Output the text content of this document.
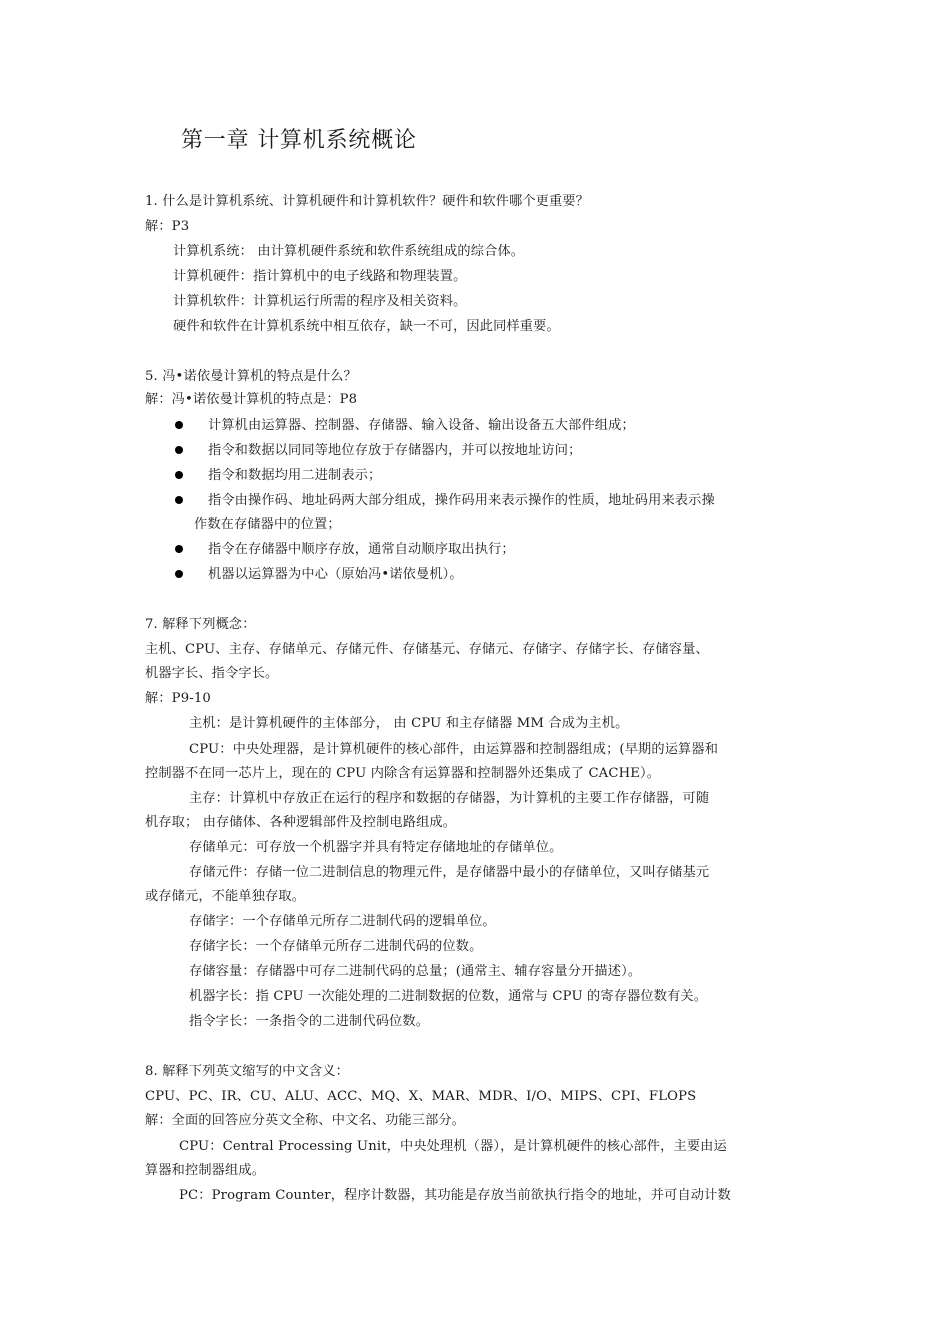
第一章 计算机系统概论
1. 什么是计算机系统、计算机硬件和计算机软件？硬件和软件哪个更重要？
解：P3
计算机系统： 由计算机硬件系统和软件系统组成的综合体。
计算机硬件：指计算机中的电子线路和物理装置。
计算机软件：计算机运行所需的程序及相关资料。
硬件和软件在计算机系统中相互依存，缺一不可，因此同样重要。
5. 冯•诺依曼计算机的特点是什么？
解：冯•诺依曼计算机的特点是：P8
计算机由运算器、控制器、存储器、输入设备、输出设备五大部件组成；
指令和数据以同同等地位存放于存储器内，并可以按地址访问；
指令和数据均用二进制表示；
指令由操作码、地址码两大部分组成，操作码用来表示操作的性质，地址码用来表示操
作数在存储器中的位置；
指令在存储器中顺序存放，通常自动顺序取出执行；
机器以运算器为中心（原始冯•诺依曼机）。
7. 解释下列概念：
主机、CPU、主存、存储单元、存储元件、存储基元、存储元、存储字、存储字长、存储容量、
机器字长、指令字长。
解：P9-10
主机：是计算机硬件的主体部分， 由 CPU 和主存储器 MM 合成为主机。
CPU：中央处理器，是计算机硬件的核心部件，由运算器和控制器组成；(早期的运算器和
控制器不在同一芯片上，现在的 CPU 内除含有运算器和控制器外还集成了 CACHE）。
主存：计算机中存放正在运行的程序和数据的存储器，为计算机的主要工作存储器，可随
机存取； 由存储体、各种逻辑部件及控制电路组成。
存储单元：可存放一个机器字并具有特定存储地址的存储单位。
存储元件：存储一位二进制信息的物理元件，是存储器中最小的存储单位，又叫存储基元
或存储元，不能单独存取。
存储字：一个存储单元所存二进制代码的逻辑单位。
存储字长：一个存储单元所存二进制代码的位数。
存储容量：存储器中可存二进制代码的总量；(通常主、辅存容量分开描述）。
机器字长：指 CPU 一次能处理的二进制数据的位数，通常与 CPU 的寄存器位数有关。
指令字长：一条指令的二进制代码位数。
8. 解释下列英文缩写的中文含义：
CPU、PC、IR、CU、ALU、ACC、MQ、X、MAR、MDR、I/O、MIPS、CPI、FLOPS
解：全面的回答应分英文全称、中文名、功能三部分。
CPU：Central Processing Unit，中央处理机（器），是计算机硬件的核心部件，主要由运
算器和控制器组成。
PC：Program Counter，程序计数器，其功能是存放当前欲执行指令的地址，并可自动计数
